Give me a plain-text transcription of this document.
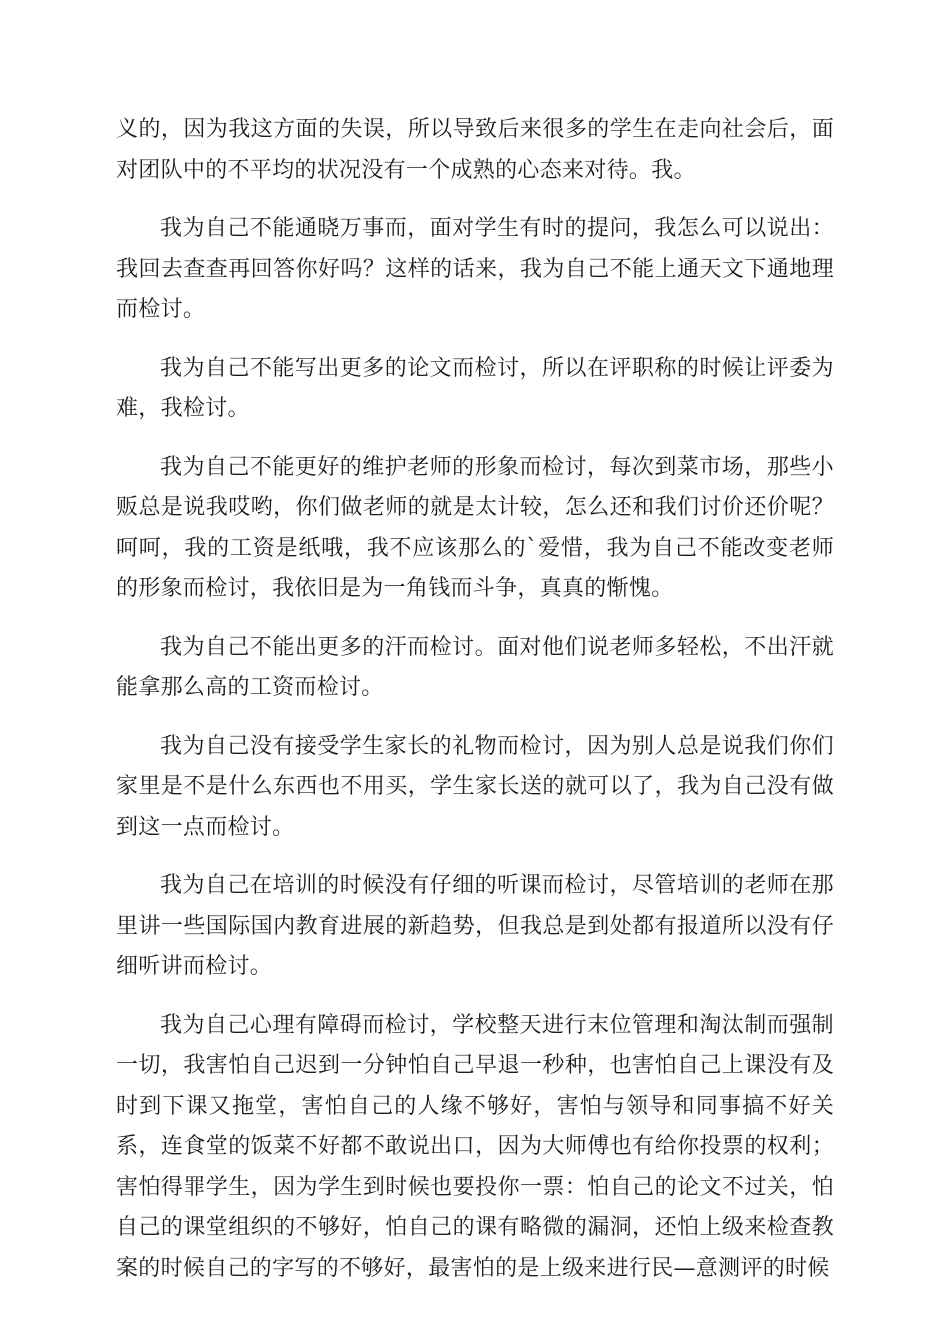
义的，因为我这方面的失误，所以导致后来很多的学生在走向社会后，面对团队中的不平均的状况没有一个成熟的心态来对待。我。

我为自己不能通晓万事而，面对学生有时的提问，我怎么可以说出：我回去查查再回答你好吗？这样的话来，我为自己不能上通天文下通地理而检讨。

我为自己不能写出更多的论文而检讨，所以在评职称的时候让评委为难，我检讨。

我为自己不能更好的维护老师的形象而检讨，每次到菜市场，那些小贩总是说我哎哟，你们做老师的就是太计较，怎么还和我们讨价还价呢？呵呵，我的工资是纸哦，我不应该那么的`爱惜，我为自己不能改变老师的形象而检讨，我依旧是为一角钱而斗争，真真的惭愧。

我为自己不能出更多的汗而检讨。面对他们说老师多轻松，不出汗就能拿那么高的工资而检讨。

我为自己没有接受学生家长的礼物而检讨，因为别人总是说我们你们家里是不是什么东西也不用买，学生家长送的就可以了，我为自己没有做到这一点而检讨。

我为自己在培训的时候没有仔细的听课而检讨，尽管培训的老师在那里讲一些国际国内教育进展的新趋势，但我总是到处都有报道所以没有仔细听讲而检讨。

我为自己心理有障碍而检讨，学校整天进行末位管理和淘汰制而强制一切，我害怕自己迟到一分钟怕自己早退一秒种，也害怕自己上课没有及时到下课又拖堂，害怕自己的人缘不够好，害怕与领导和同事搞不好关系，连食堂的饭菜不好都不敢说出口，因为大师傅也有给你投票的权利；害怕得罪学生，因为学生到时候也要投你一票：怕自己的论文不过关，怕自己的课堂组织的不够好，怕自己的课有略微的漏洞，还怕上级来检查教案的时候自己的字写的不够好，最害怕的是上级来进行民—意测评的时候
